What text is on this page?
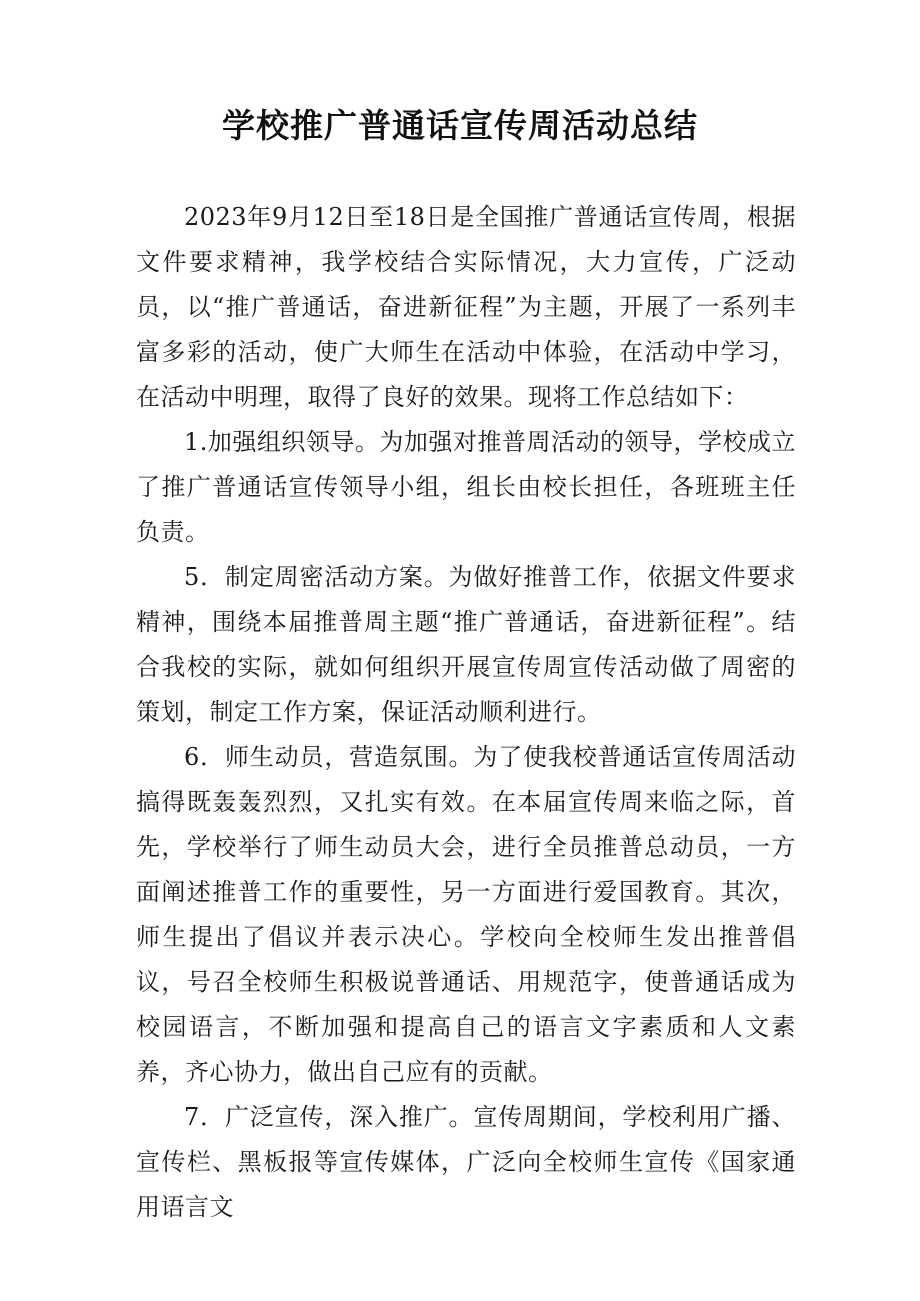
学校推广普通话宣传周活动总结

2023年9月12日至18日是全国推广普通话宣传周，根据文件要求精神，我学校结合实际情况，大力宣传，广泛动员，以“推广普通话，奋进新征程”为主题，开展了一系列丰富多彩的活动，使广大师生在活动中体验，在活动中学习，在活动中明理，取得了良好的效果。现将工作总结如下：

1.加强组织领导。为加强对推普周活动的领导，学校成立了推广普通话宣传领导小组，组长由校长担任，各班班主任负责。

5．制定周密活动方案。为做好推普工作，依据文件要求精神，围绕本届推普周主题“推广普通话，奋进新征程”。结合我校的实际，就如何组织开展宣传周宣传活动做了周密的策划，制定工作方案，保证活动顺利进行。

6．师生动员，营造氛围。为了使我校普通话宣传周活动搞得既轰轰烈烈，又扎实有效。在本届宣传周来临之际，首先，学校举行了师生动员大会，进行全员推普总动员，一方面阐述推普工作的重要性，另一方面进行爱国教育。其次，师生提出了倡议并表示决心。学校向全校师生发出推普倡议，号召全校师生积极说普通话、用规范字，使普通话成为校园语言，不断加强和提高自己的语言文字素质和人文素养，齐心协力，做出自己应有的贡献。

7．广泛宣传，深入推广。宣传周期间，学校利用广播、宣传栏、黑板报等宣传媒体，广泛向全校师生宣传《国家通用语言文
